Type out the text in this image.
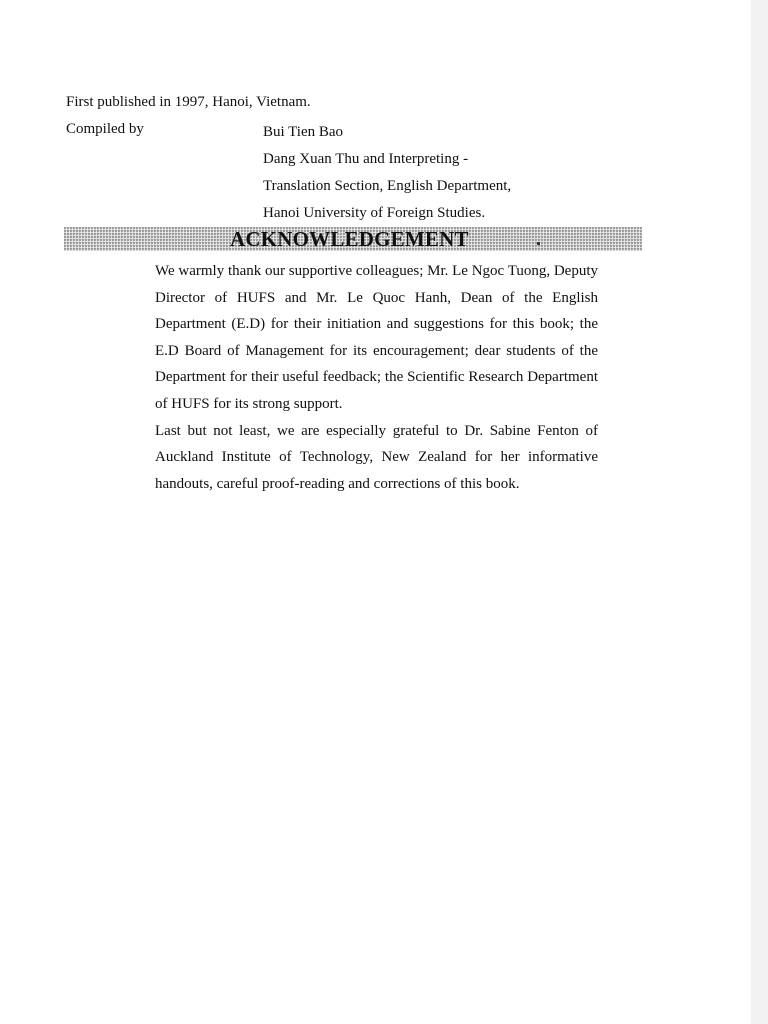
First published in 1997, Hanoi, Vietnam.

Compiled by	Bui Tien Bao
Dang Xuan Thu and Interpreting -
Translation Section, English Department,
Hanoi University of Foreign Studies.
ACKNOWLEDGEMENT

We warmly thank our supportive colleagues; Mr. Le Ngoc Tuong, Deputy Director of HUFS and Mr. Le Quoc Hanh, Dean of the English Department (E.D) for their initiation and suggestions for this book; the E.D Board of Management for its encouragement; dear students of the Department for their useful feedback; the Scientific Research Department of HUFS for its strong support.

Last but not least, we are especially grateful to Dr. Sabine Fenton of Auckland Institute of Technology, New Zealand for her informative handouts, careful proof-reading and corrections of this book.
